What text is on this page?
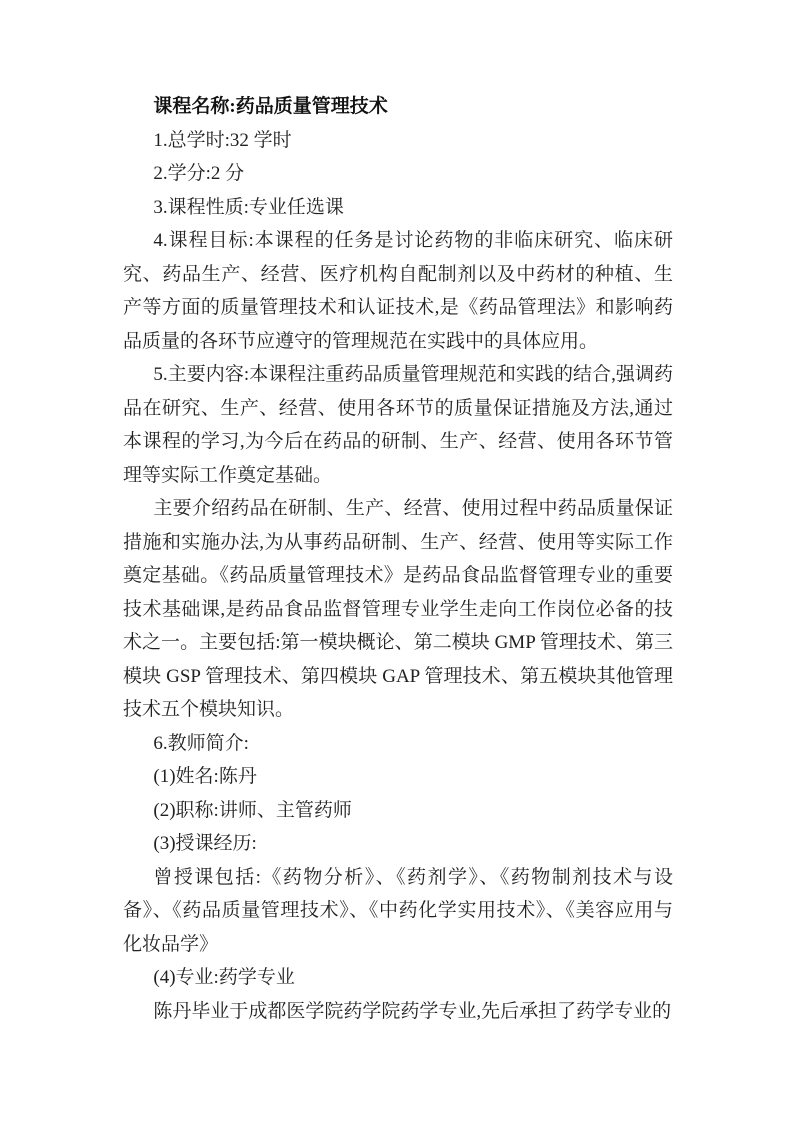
课程名称:药品质量管理技术

1.总学时:32 学时

2.学分:2 分

3.课程性质:专业任选课

4.课程目标:本课程的任务是讨论药物的非临床研究、临床研究、药品生产、经营、医疗机构自配制剂以及中药材的种植、生产等方面的质量管理技术和认证技术,是《药品管理法》和影响药品质量的各环节应遵守的管理规范在实践中的具体应用。

5.主要内容:本课程注重药品质量管理规范和实践的结合,强调药品在研究、生产、经营、使用各环节的质量保证措施及方法,通过本课程的学习,为今后在药品的研制、生产、经营、使用各环节管理等实际工作奠定基础。

主要介绍药品在研制、生产、经营、使用过程中药品质量保证措施和实施办法,为从事药品研制、生产、经营、使用等实际工作奠定基础。《药品质量管理技术》是药品食品监督管理专业的重要技术基础课,是药品食品监督管理专业学生走向工作岗位必备的技术之一。主要包括:第一模块概论、第二模块 GMP 管理技术、第三模块 GSP 管理技术、第四模块 GAP 管理技术、第五模块其他管理技术五个模块知识。

6.教师简介:

(1)姓名:陈丹

(2)职称:讲师、主管药师

(3)授课经历:

曾授课包括:《药物分析》、《药剂学》、《药物制剂技术与设备》、《药品质量管理技术》、《中药化学实用技术》、《美容应用与化妆品学》

(4)专业:药学专业

陈丹毕业于成都医学院药学院药学专业,先后承担了药学专业的
